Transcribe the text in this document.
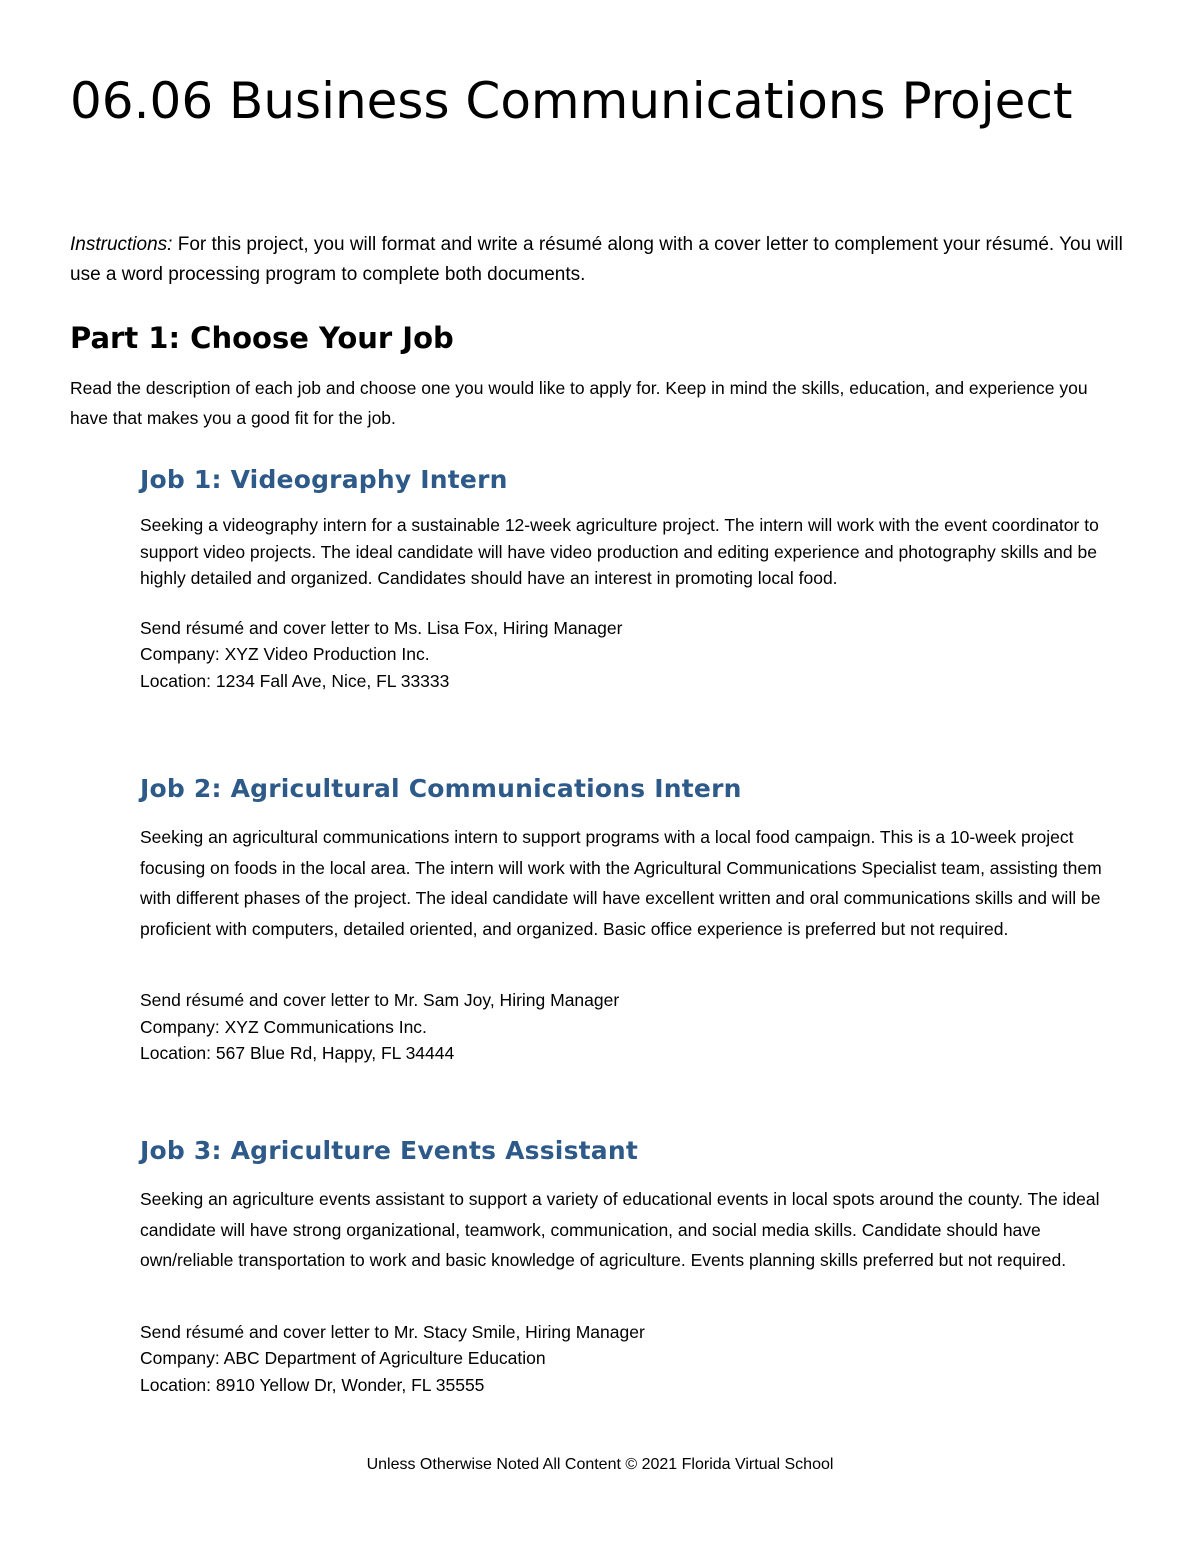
06.06 Business Communications Project

Instructions: For this project, you will format and write a résumé along with a cover letter to complement your résumé. You will use a word processing program to complete both documents.

Part 1: Choose Your Job

Read the description of each job and choose one you would like to apply for. Keep in mind the skills, education, and experience you have that makes you a good fit for the job.

Job 1: Videography Intern

Seeking a videography intern for a sustainable 12-week agriculture project. The intern will work with the event coordinator to support video projects. The ideal candidate will have video production and editing experience and photography skills and be highly detailed and organized. Candidates should have an interest in promoting local food.

Send résumé and cover letter to Ms. Lisa Fox, Hiring Manager

Company: XYZ Video Production Inc.

Location: 1234 Fall Ave, Nice, FL 33333

Job 2: Agricultural Communications Intern

Seeking an agricultural communications intern to support programs with a local food campaign. This is a 10-week project focusing on foods in the local area. The intern will work with the Agricultural Communications Specialist team, assisting them with different phases of the project. The ideal candidate will have excellent written and oral communications skills and will be proficient with computers, detailed oriented, and organized. Basic office experience is preferred but not required.

Send résumé and cover letter to Mr. Sam Joy, Hiring Manager

Company: XYZ Communications Inc.

Location: 567 Blue Rd, Happy, FL 34444

Job 3: Agriculture Events Assistant

Seeking an agriculture events assistant to support a variety of educational events in local spots around the county. The ideal candidate will have strong organizational, teamwork, communication, and social media skills. Candidate should have own/reliable transportation to work and basic knowledge of agriculture. Events planning skills preferred but not required.

Send résumé and cover letter to Mr. Stacy Smile, Hiring Manager

Company: ABC Department of Agriculture Education

Location: 8910 Yellow Dr, Wonder, FL 35555

Unless Otherwise Noted All Content © 2021 Florida Virtual School
